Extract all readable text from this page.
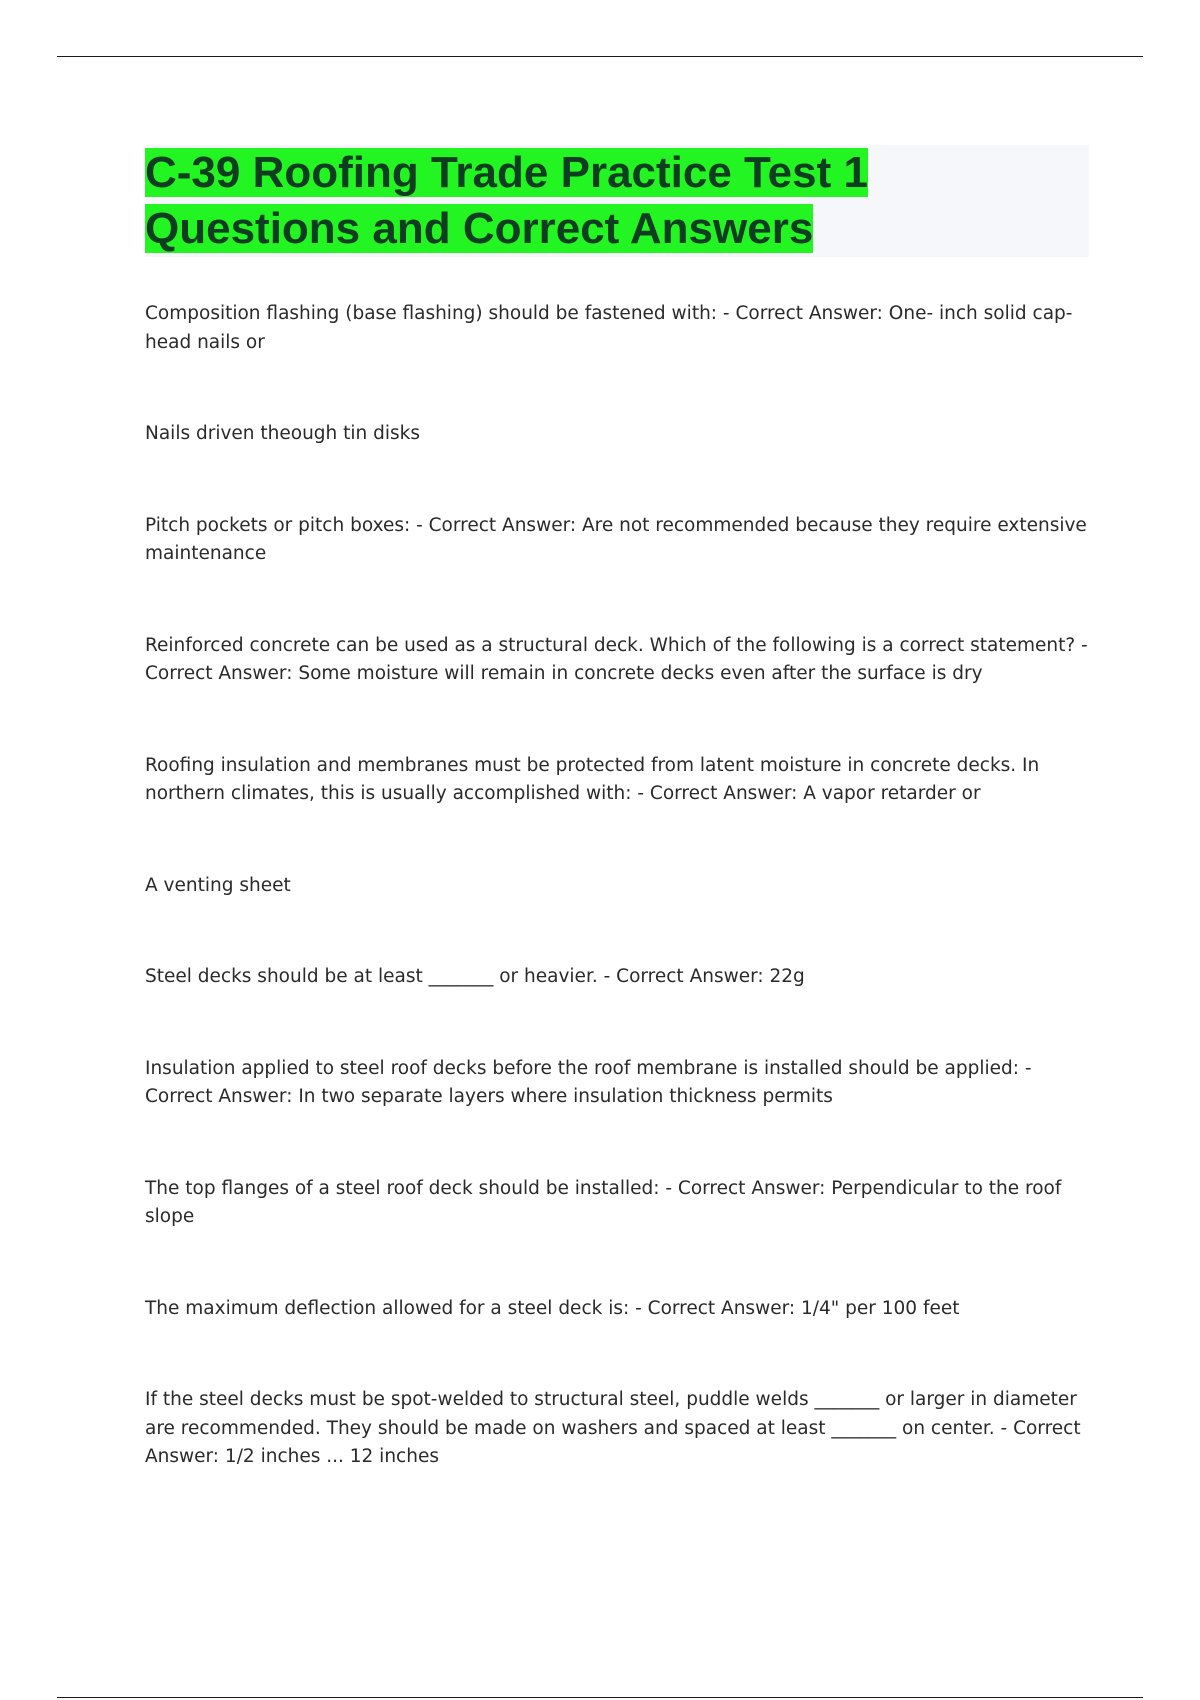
C-39 Roofing Trade Practice Test 1
Questions and Correct Answers
Composition flashing (base flashing) should be fastened with: - Correct Answer: One- inch solid cap-head nails or
Nails driven theough tin disks
Pitch pockets or pitch boxes: - Correct Answer: Are not recommended because they require extensive maintenance
Reinforced concrete can be used as a structural deck. Which of the following is a correct statement? - Correct Answer: Some moisture will remain in concrete decks even after the surface is dry
Roofing insulation and membranes must be protected from latent moisture in concrete decks. In northern climates, this is usually accomplished with: - Correct Answer: A vapor retarder or
A venting sheet
Steel decks should be at least _______ or heavier. - Correct Answer: 22g
Insulation applied to steel roof decks before the roof membrane is installed should be applied: - Correct Answer: In two separate layers where insulation thickness permits
The top flanges of a steel roof deck should be installed: - Correct Answer: Perpendicular to the roof slope
The maximum deflection allowed for a steel deck is: - Correct Answer: 1/4" per 100 feet
If the steel decks must be spot-welded to structural steel, puddle welds _______ or larger in diameter are recommended. They should be made on washers and spaced at least _______ on center. - Correct Answer: 1/2 inches ... 12 inches
